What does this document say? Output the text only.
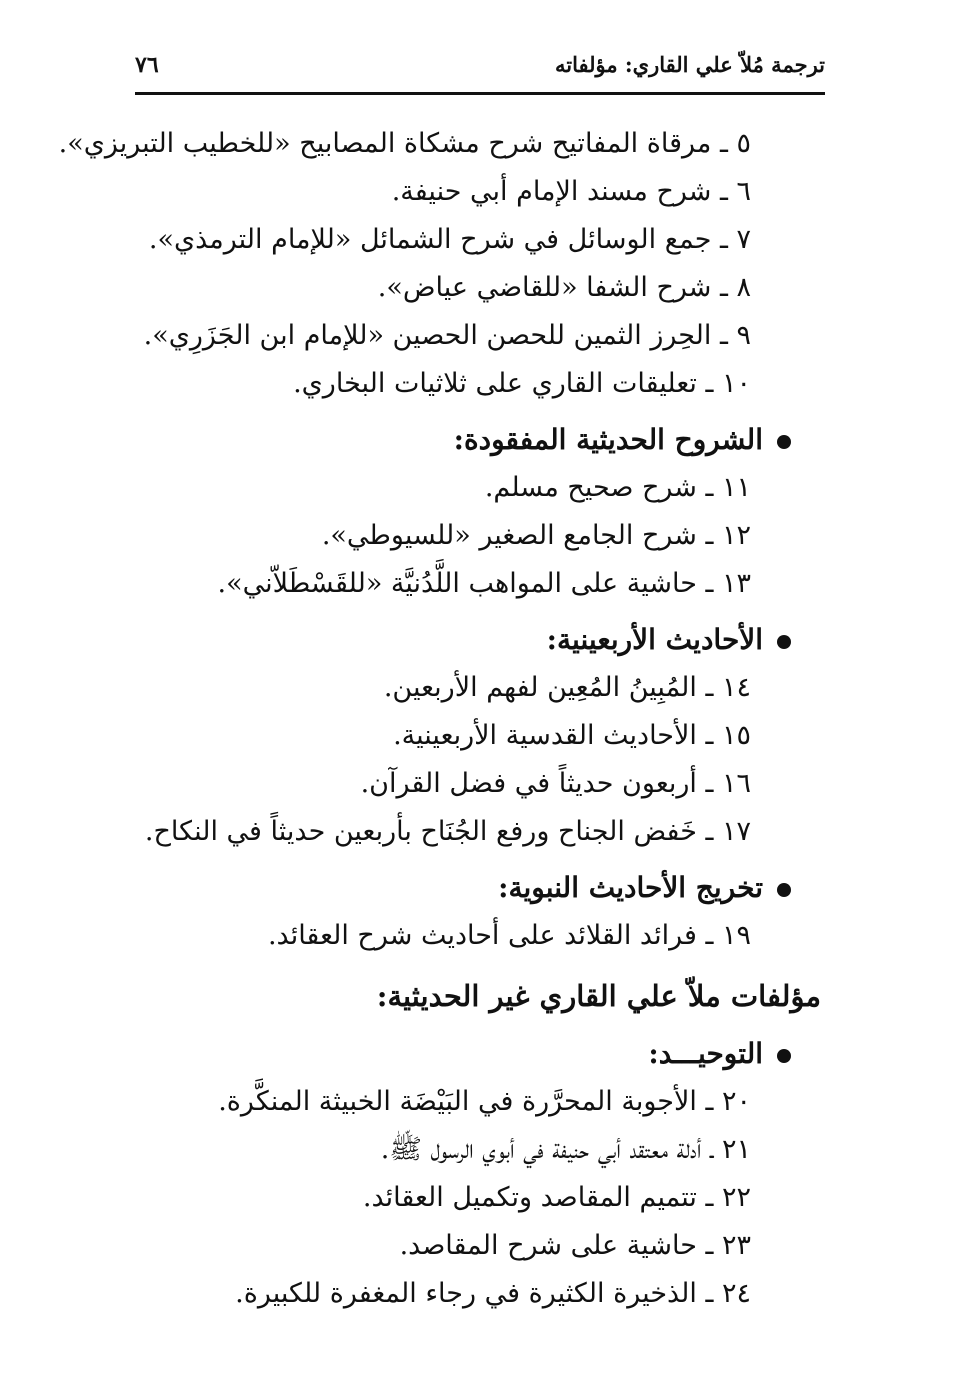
ترجمة مُلاّ علي القاري: مؤلفاته
٧٦
٥ ـ مرقاة المفاتيح شرح مشكاة المصابيح «للخطيب التبريزي».
٦ ـ شرح مسند الإمام أبي حنيفة.
٧ ـ جمع الوسائل في شرح الشمائل «للإمام الترمذي».
٨ ـ شرح الشفا «للقاضي عياض».
٩ ـ الحِرز الثمين للحصن الحصين «للإمام ابن الجَزَرِي».
١٠ ـ تعليقات القاري على ثلاثيات البخاري.
الشروح الحديثية المفقودة:
١١ ـ شرح صحيح مسلم.
١٢ ـ شرح الجامع الصغير «للسيوطي».
١٣ ـ حاشية على المواهب اللَّدُنيَّة «للقَسْطَلاّني».
الأحاديث الأربعينية:
١٤ ـ المُبِينُ المُعِين لفهم الأربعين.
١٥ ـ الأحاديث القدسية الأربعينية.
١٦ ـ أربعون حديثاً في فضل القرآن.
١٧ ـ خَفض الجناح ورفع الجُنَاح بأربعين حديثاً في النكاح.
تخريج الأحاديث النبوية:
١٩ ـ فرائد القلائد على أحاديث شرح العقائد.
مؤلفات ملاّ علي القاري غير الحديثية:
التوحيـــد:
٢٠ ـ الأجوبة المحرَّرة في البَيْضَة الخبيثة المنكَّرة.
٢١ ـ أدلة معتقد أبي حنيفة في أبوي الرسول ﷺ.
٢٢ ـ تتميم المقاصد وتكميل العقائد.
٢٣ ـ حاشية على شرح المقاصد.
٢٤ ـ الذخيرة الكثيرة في رجاء المغفرة للكبيرة.
